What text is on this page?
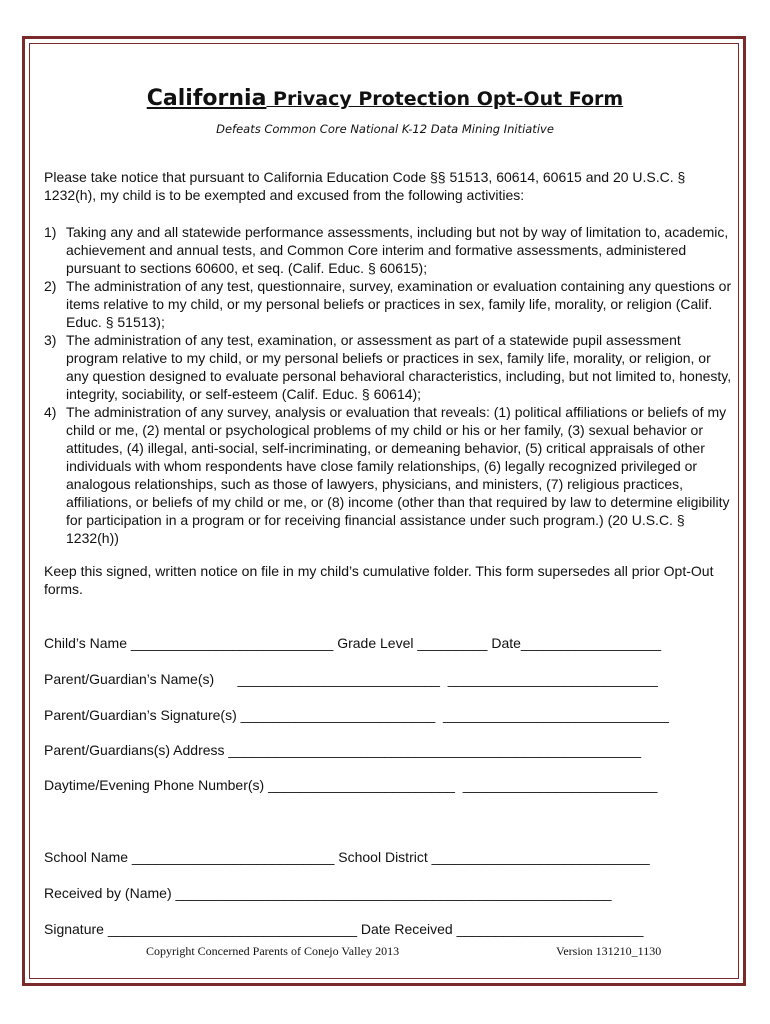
California Privacy Protection Opt-Out Form
Defeats Common Core National K-12 Data Mining Initiative
Please take notice that pursuant to California Education Code §§ 51513, 60614, 60615 and 20 U.S.C. § 1232(h), my child is to be exempted and excused from the following activities:
1) Taking any and all statewide performance assessments, including but not by way of limitation to, academic, achievement and annual tests, and Common Core interim and formative assessments, administered pursuant to sections 60600, et seq. (Calif. Educ. § 60615);
2) The administration of any test, questionnaire, survey, examination or evaluation containing any questions or items relative to my child, or my personal beliefs or practices in sex, family life, morality, or religion (Calif. Educ. § 51513);
3) The administration of any test, examination, or assessment as part of a statewide pupil assessment program relative to my child, or my personal beliefs or practices in sex, family life, morality, or religion, or any question designed to evaluate personal behavioral characteristics, including, but not limited to, honesty, integrity, sociability, or self-esteem (Calif. Educ. § 60614);
4) The administration of any survey, analysis or evaluation that reveals: (1) political affiliations or beliefs of my child or me, (2) mental or psychological problems of my child or his or her family, (3) sexual behavior or attitudes, (4) illegal, anti-social, self-incriminating, or demeaning behavior, (5) critical appraisals of other individuals with whom respondents have close family relationships, (6) legally recognized privileged or analogous relationships, such as those of lawyers, physicians, and ministers, (7) religious practices, affiliations, or beliefs of my child or me, or (8) income (other than that required by law to determine eligibility for participation in a program or for receiving financial assistance under such program.) (20 U.S.C. § 1232(h))
Keep this signed, written notice on file in my child’s cumulative folder. This form supersedes all prior Opt-Out forms.
Child’s Name __________________________ Grade Level _________ Date__________________
Parent/Guardian’s Name(s)      __________________________  ___________________________
Parent/Guardian’s Signature(s) _________________________  _____________________________
Parent/Guardians(s) Address _____________________________________________________
Daytime/Evening Phone Number(s) ________________________  _________________________
School Name __________________________ School District ____________________________
Received by (Name) ________________________________________________________
Signature ________________________________ Date Received ________________________
Copyright Concerned Parents of Conejo Valley 2013	Version 131210_1130
